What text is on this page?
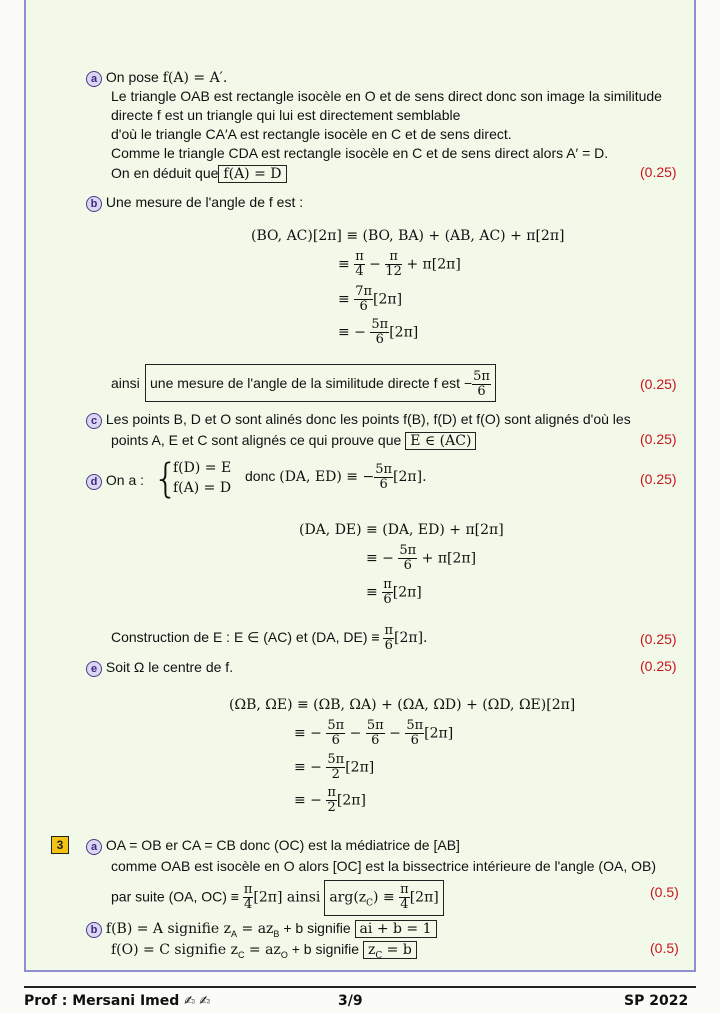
a On pose f(A) = A′.
Le triangle OAB est rectangle isocèle en O et de sens direct donc son image la similitude
directe f est un triangle qui lui est directement semblable
d'où le triangle CA′A est rectangle isocèle en C et de sens direct.
Comme le triangle CDA est rectangle isocèle en C et de sens direct alors A′ = D.
On en déduit que f(A) = D	(0.25)
b Une mesure de l'angle de f est :
(BO, AC)[2π] ≡ (BO, BA) + (AB, AC) + π[2π]
≡ $\frac{\pi}{4} - \frac{\pi}{12} + \pi[2\pi]$
≡ $\frac{7\pi}{6} [2\pi]$
≡ − $\frac{5\pi}{6} [2\pi]$
ainsi une mesure de l'angle de la similitude directe f est − $\frac{5\pi}{6}$	(0.25)
c Les points B, D et O sont alinés donc les points f(B), f(D) et f(O) sont alignés d'où les
points A, E et C sont alignés ce qui prouve que E ∈ (AC)	(0.25)
d On a : {
f(D) = E
f(A) = D
donc (DA, ED) ≡ − $\frac{5\pi}{6} [2\pi]$.	(0.25)
(DA, DE) ≡ (DA, ED) + π[2π]
≡ − $\frac{5\pi}{6} + \pi[2\pi]$
≡ $\frac{\pi}{6} [2\pi]$
Construction de E : E ∈ (AC) et (DA, $DE) \equiv \frac{\pi}{6} [2\pi]$.	(0.25)
e Soit Ω le centre de f.	(0.25)
(ΩB, ΩE) ≡ (ΩB, ΩA) + (ΩA, ΩD) + (ΩD, ΩE)[2π]
≡ − $\frac{5\pi}{6} - \frac{5\pi}{6} - \frac{5\pi}{6} [2\pi]$
≡ − $\frac{5\pi}{2} [2\pi]$
≡ − $\frac{\pi}{2} [2\pi]$
3	a OA = OB er CA = CB donc (OC) est la médiatrice de [AB]
comme OAB est isocèle en O alors [OC] est la bissectrice intérieure de l'angle (OA, OB)
par suite (OA, $OC) \equiv \frac{\pi}{4} [2\pi]$ ainsi $arg(z_C) \equiv \frac{\pi}{4} [2\pi]$	(0.5)
b f(B) = A signifie $z_A = az_B + b$ signifie ai + b = 1
f(O) = C signifie $z_C = az_O + b$ signifie $z_C = b$	(0.5)
Prof : Mersani Imed ✍ ✍	3/9	SP 2022
